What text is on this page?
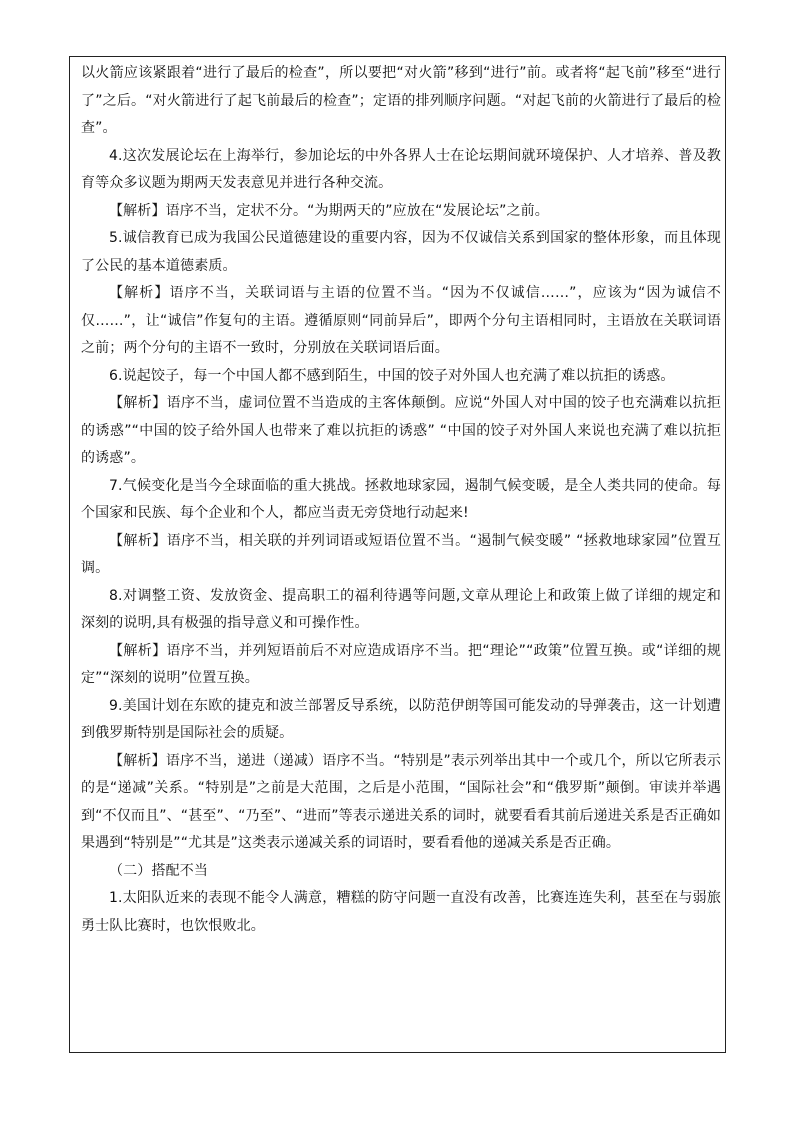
以火箭应该紧跟着“进行了最后的检查”，所以要把“对火箭”移到“进行”前。或者将“起飞前”移至“进行了”之后。“对火箭进行了起飞前最后的检查”；定语的排列顺序问题。“对起飞前的火箭进行了最后的检查”。

4.这次发展论坛在上海举行，参加论坛的中外各界人士在论坛期间就环境保护、人才培养、普及教育等众多议题为期两天发表意见并进行各种交流。

【解析】语序不当，定状不分。“为期两天的”应放在“发展论坛”之前。

5.诚信教育已成为我国公民道德建设的重要内容，因为不仅诚信关系到国家的整体形象，而且体现了公民的基本道德素质。

【解析】语序不当，关联词语与主语的位置不当。“因为不仅诚信……”，应该为“因为诚信不仅……”，让“诚信”作复句的主语。遵循原则“同前异后”，即两个分句主语相同时，主语放在关联词语之前；两个分句的主语不一致时，分别放在关联词语后面。

6.说起饺子，每一个中国人都不感到陌生，中国的饺子对外国人也充满了难以抗拒的诱惑。

【解析】语序不当，虚词位置不当造成的主客体颠倒。应说“外国人对中国的饺子也充满难以抗拒的诱惑”“中国的饺子给外国人也带来了难以抗拒的诱惑” “中国的饺子对外国人来说也充满了难以抗拒的诱惑”。

7.气候变化是当今全球面临的重大挑战。拯救地球家园，遏制气候变暖，是全人类共同的使命。每个国家和民族、每个企业和个人，都应当责无旁贷地行动起来!

【解析】语序不当，相关联的并列词语或短语位置不当。“遏制气候变暖” “拯救地球家园”位置互调。

8.对调整工资、发放资金、提高职工的福利待遇等问题,文章从理论上和政策上做了详细的规定和深刻的说明,具有极强的指导意义和可操作性。

【解析】语序不当，并列短语前后不对应造成语序不当。把“理论”“政策”位置互换。或“详细的规定”“深刻的说明”位置互换。

9.美国计划在东欧的捷克和波兰部署反导系统，以防范伊朗等国可能发动的导弹袭击，这一计划遭到俄罗斯特别是国际社会的质疑。

【解析】语序不当，递进（递减）语序不当。“特别是”表示列举出其中一个或几个，所以它所表示的是“递减”关系。“特别是”之前是大范围，之后是小范围，“国际社会”和“俄罗斯”颠倒。审读并举遇到“不仅而且”、“甚至”、“乃至”、“进而”等表示递进关系的词时，就要看看其前后递进关系是否正确如果遇到“特别是”“尤其是”这类表示递减关系的词语时，要看看他的递减关系是否正确。

（二）搭配不当

1.太阳队近来的表现不能令人满意，糟糕的防守问题一直没有改善，比赛连连失利，甚至在与弱旅勇士队比赛时，也饮恨败北。
